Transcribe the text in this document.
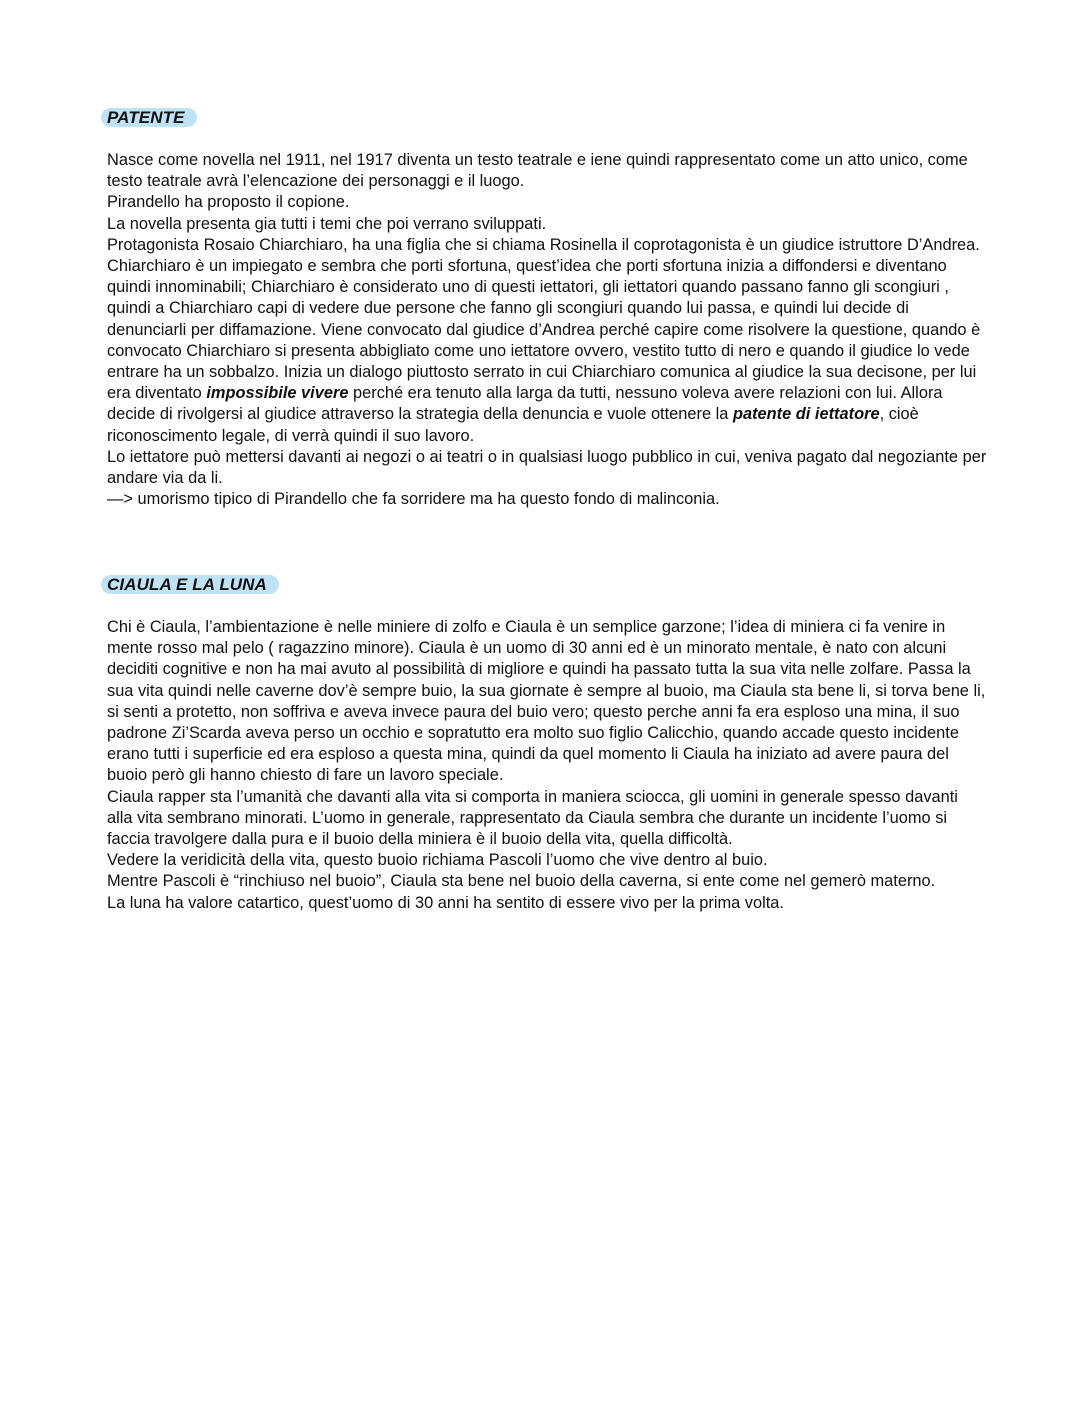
PATENTE

Nasce come novella nel 1911, nel 1917 diventa un testo teatrale e iene quindi rappresentato come un atto unico, come testo teatrale avrà l’elencazione dei personaggi e il luogo.

Pirandello ha proposto il copione.

La novella presenta gia tutti i temi che poi verrano sviluppati.

Protagonista Rosaio Chiarchiaro, ha una figlia che si chiama Rosinella il coprotagonista è un giudice istruttore D’Andrea.

Chiarchiaro è un impiegato e sembra che porti sfortuna, quest’idea che porti sfortuna inizia a diffondersi e diventano quindi innominabili; Chiarchiaro è considerato uno di questi iettatori, gli iettatori quando passano fanno gli scongiuri , quindi a Chiarchiaro capi di vedere due persone che fanno gli scongiuri quando lui passa, e quindi lui decide di denunciarli per diffamazione. Viene convocato dal giudice d’Andrea perché capire come risolvere la questione, quando è convocato Chiarchiaro si presenta abbigliato come uno iettatore ovvero, vestito tutto di nero e quando il giudice lo vede entrare ha un sobbalzo. Inizia un dialogo piuttosto serrato in cui Chiarchiaro comunica al giudice la sua decisone, per lui era diventato impossibile vivere perché era tenuto alla larga da tutti, nessuno voleva avere relazioni con lui. Allora decide di rivolgersi al giudice attraverso la strategia della denuncia e vuole ottenere la patente di iettatore, cioè riconoscimento legale, di verrà quindi il suo lavoro.

Lo iettatore può mettersi davanti ai negozi o ai teatri o in qualsiasi luogo pubblico in cui, veniva pagato dal negoziante per andare via da li.

—> umorismo tipico di Pirandello che fa sorridere ma ha questo fondo di malinconia.

CIAULA E LA LUNA

Chi è Ciaula, l’ambientazione è nelle miniere di zolfo e Ciaula è un semplice garzone; l’idea di miniera ci fa venire in mente rosso mal pelo ( ragazzino minore). Ciaula è un uomo di 30 anni ed è un minorato mentale, è nato con alcuni deciditi cognitive e non ha mai avuto al possibilità di migliore e quindi ha passato tutta la sua vita nelle zolfare. Passa la sua vita quindi nelle caverne dov’è sempre buio, la sua giornate è sempre al buoio, ma Ciaula sta bene li, si torva bene li, si senti a protetto, non soffriva e aveva invece paura del buio vero; questo perche anni fa era esploso una mina, il suo padrone Zi’Scarda aveva perso un occhio e sopratutto era molto suo figlio Calicchio, quando accade questo incidente erano tutti i superficie ed era esploso a questa mina, quindi da quel momento li Ciaula ha iniziato ad avere paura del buoio però gli hanno chiesto di fare un lavoro speciale.

Ciaula rapper sta l’umanità che davanti alla vita si comporta in maniera sciocca, gli uomini in generale spesso davanti alla vita sembrano minorati. L’uomo in generale, rappresentato da Ciaula sembra che durante un incidente l’uomo si faccia travolgere dalla pura e il buoio della miniera è il buoio della vita, quella difficoltà.

Vedere la veridicità della vita, questo buoio richiama Pascoli l’uomo che vive dentro al buio.

Mentre Pascoli è “rinchiuso nel buoio”, Ciaula sta bene nel buoio della caverna, si ente come nel gemerò materno.

La luna ha valore catartico, quest’uomo di 30 anni ha sentito di essere vivo per la prima volta.
